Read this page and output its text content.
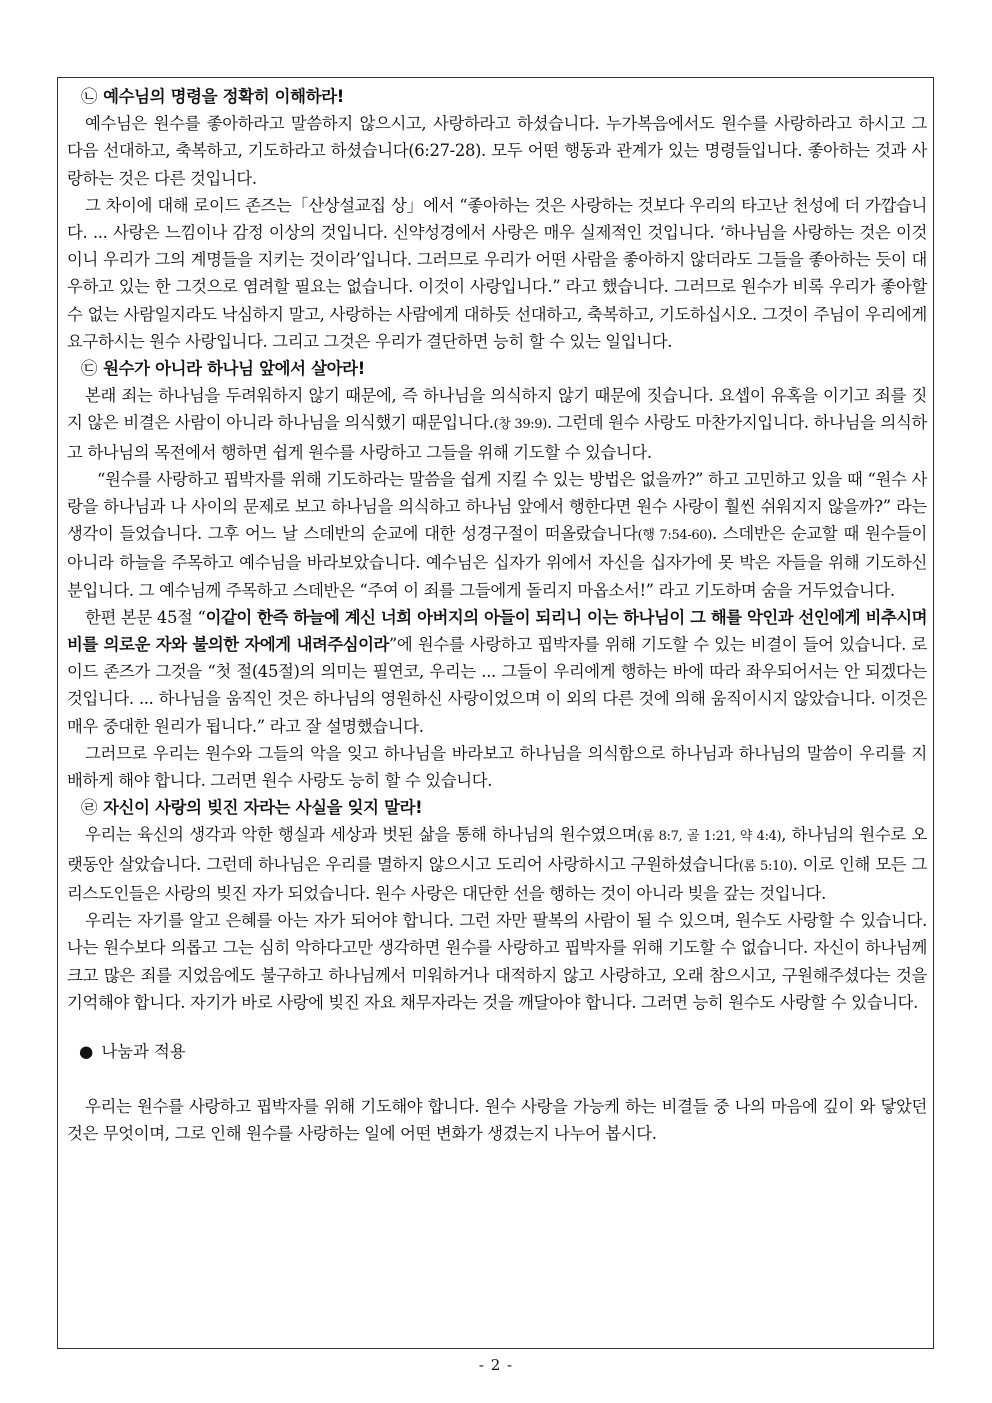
㉡ 예수님의 명령을 정확히 이해하라!

예수님은 원수를 좋아하라고 말씀하지 않으시고, 사랑하라고 하셨습니다. 누가복음에서도 원수를 사랑하라고 하시고 그 다음 선대하고, 축복하고, 기도하라고 하셨습니다(6:27-28). 모두 어떤 행동과 관계가 있는 명령들입니다. 좋아하는 것과 사랑하는 것은 다른 것입니다.

그 차이에 대해 로이드 존즈는「산상설교집 상」에서 “좋아하는 것은 사랑하는 것보다 우리의 타고난 천성에 더 가깝습니다. ... 사랑은 느낌이나 감정 이상의 것입니다. 신약성경에서 사랑은 매우 실제적인 것입니다. ‘하나님을 사랑하는 것은 이것이니 우리가 그의 계명들을 지키는 것이라’입니다. 그러므로 우리가 어떤 사람을 좋아하지 않더라도 그들을 좋아하는 듯이 대우하고 있는 한 그것으로 염려할 필요는 없습니다. 이것이 사랑입니다.” 라고 했습니다. 그러므로 원수가 비록 우리가 좋아할 수 없는 사람일지라도 낙심하지 말고, 사랑하는 사람에게 대하듯 선대하고, 축복하고, 기도하십시오. 그것이 주님이 우리에게 요구하시는 원수 사랑입니다. 그리고 그것은 우리가 결단하면 능히 할 수 있는 일입니다.

㉢ 원수가 아니라 하나님 앞에서 살아라!

본래 죄는 하나님을 두려워하지 않기 때문에, 즉 하나님을 의식하지 않기 때문에 짓습니다. 요셉이 유혹을 이기고 죄를 짓지 않은 비결은 사람이 아니라 하나님을 의식했기 때문입니다.(창 39:9). 그런데 원수 사랑도 마찬가지입니다. 하나님을 의식하고 하나님의 목전에서 행하면 쉽게 원수를 사랑하고 그들을 위해 기도할 수 있습니다.

“원수를 사랑하고 핍박자를 위해 기도하라는 말씀을 쉽게 지킬 수 있는 방법은 없을까?” 하고 고민하고 있을 때 “원수 사랑을 하나님과 나 사이의 문제로 보고 하나님을 의식하고 하나님 앞에서 행한다면 원수 사랑이 훨씬 쉬워지지 않을까?” 라는 생각이 들었습니다. 그후 어느 날 스데반의 순교에 대한 성경구절이 떠올랐습니다(행 7:54-60). 스데반은 순교할 때 원수들이 아니라 하늘을 주목하고 예수님을 바라보았습니다. 예수님은 십자가 위에서 자신을 십자가에 못 박은 자들을 위해 기도하신 분입니다. 그 예수님께 주목하고 스데반은 “주여 이 죄를 그들에게 돌리지 마옵소서!” 라고 기도하며 숨을 거두었습니다.

한편 본문 45절 “이같이 한즉 하늘에 계신 너희 아버지의 아들이 되리니 이는 하나님이 그 해를 악인과 선인에게 비추시며 비를 의로운 자와 불의한 자에게 내려주심이라”에 원수를 사랑하고 핍박자를 위해 기도할 수 있는 비결이 들어 있습니다. 로이드 존즈가 그것을 “첫 절(45절)의 의미는 필연코, 우리는 ... 그들이 우리에게 행하는 바에 따라 좌우되어서는 안 되겠다는 것입니다. ... 하나님을 움직인 것은 하나님의 영원하신 사랑이었으며 이 외의 다른 것에 의해 움직이시지 않았습니다. 이것은 매우 중대한 원리가 됩니다.” 라고 잘 설명했습니다.

그러므로 우리는 원수와 그들의 악을 잊고 하나님을 바라보고 하나님을 의식함으로 하나님과 하나님의 말씀이 우리를 지배하게 해야 합니다. 그러면 원수 사랑도 능히 할 수 있습니다.

㉣ 자신이 사랑의 빚진 자라는 사실을 잊지 말라!

우리는 육신의 생각과 악한 행실과 세상과 벗된 삶을 통해 하나님의 원수였으며(롬 8:7, 골 1:21, 약 4:4), 하나님의 원수로 오랫동안 살았습니다. 그런데 하나님은 우리를 멸하지 않으시고 도리어 사랑하시고 구원하셨습니다(롬 5:10). 이로 인해 모든 그리스도인들은 사랑의 빚진 자가 되었습니다. 원수 사랑은 대단한 선을 행하는 것이 아니라 빚을 갚는 것입니다.

우리는 자기를 알고 은혜를 아는 자가 되어야 합니다. 그런 자만 팔복의 사람이 될 수 있으며, 원수도 사랑할 수 있습니다. 나는 원수보다 의롭고 그는 심히 악하다고만 생각하면 원수를 사랑하고 핍박자를 위해 기도할 수 없습니다. 자신이 하나님께 크고 많은 죄를 지었음에도 불구하고 하나님께서 미워하거나 대적하지 않고 사랑하고, 오래 참으시고, 구원해주셨다는 것을 기억해야 합니다. 자기가 바로 사랑에 빚진 자요 채무자라는 것을 깨달아야 합니다. 그러면 능히 원수도 사랑할 수 있습니다.

● 나눔과 적용

우리는 원수를 사랑하고 핍박자를 위해 기도해야 합니다. 원수 사랑을 가능케 하는 비결들 중 나의 마음에 깊이 와 닿았던 것은 무엇이며, 그로 인해 원수를 사랑하는 일에 어떤 변화가 생겼는지 나누어 봅시다.

- 2 -
